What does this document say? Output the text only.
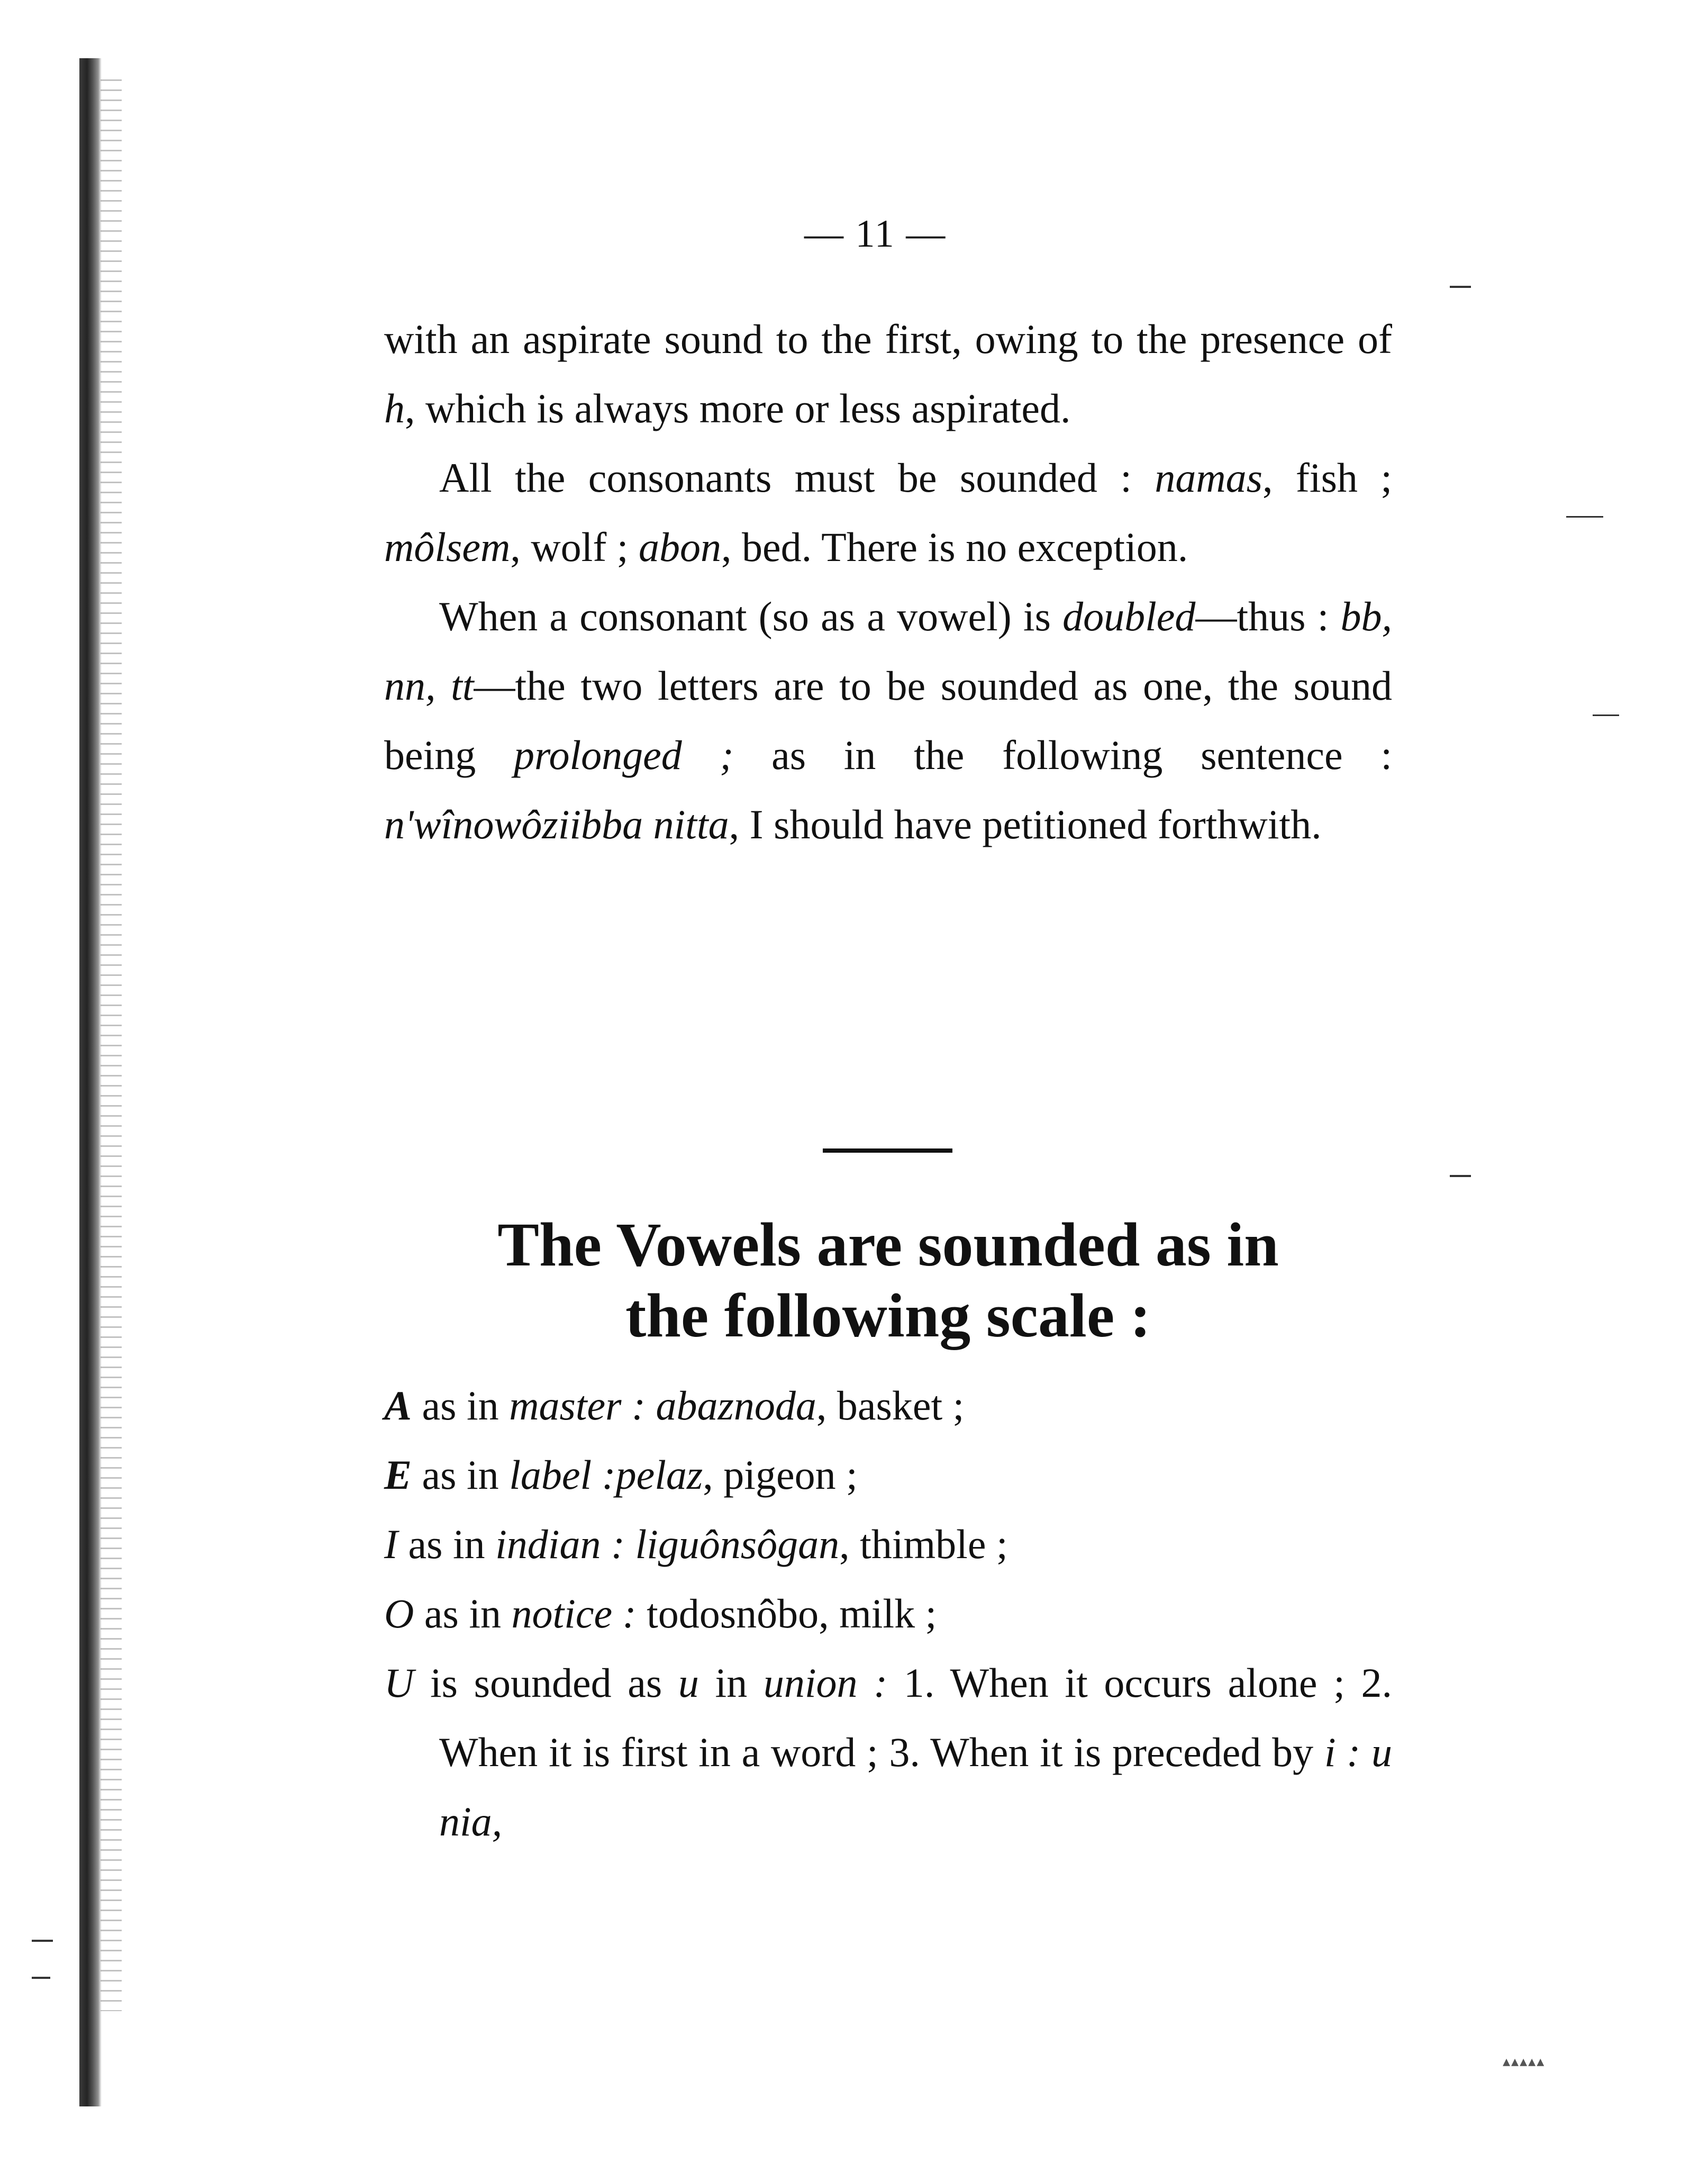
— 11 —

with an aspirate sound to the first, owing to the presence of h, which is always more or less aspirated.

All the consonants must be sounded : namas, fish ; môlsem, wolf ; abon, bed. There is no exception.

When a consonant (so as a vowel) is doubled—thus : bb, nn, tt—the two letters are to be sounded as one, the sound being prolonged ; as in the following sentence : n'wînowôziibba nitta, I should have petitioned forthwith.

The Vowels are sounded as in
the following scale :

A as in master : abaznoda, basket ;

E as in label :pelaz, pigeon ;

I as in indian : liguônsôgan, thimble ;

O as in notice : todosnôbo, milk ;

U is sounded as u in union : 1. When it occurs alone ; 2. When it is first in a word ; 3. When it is preceded by i : u nia,

▴▴▴▴▴
